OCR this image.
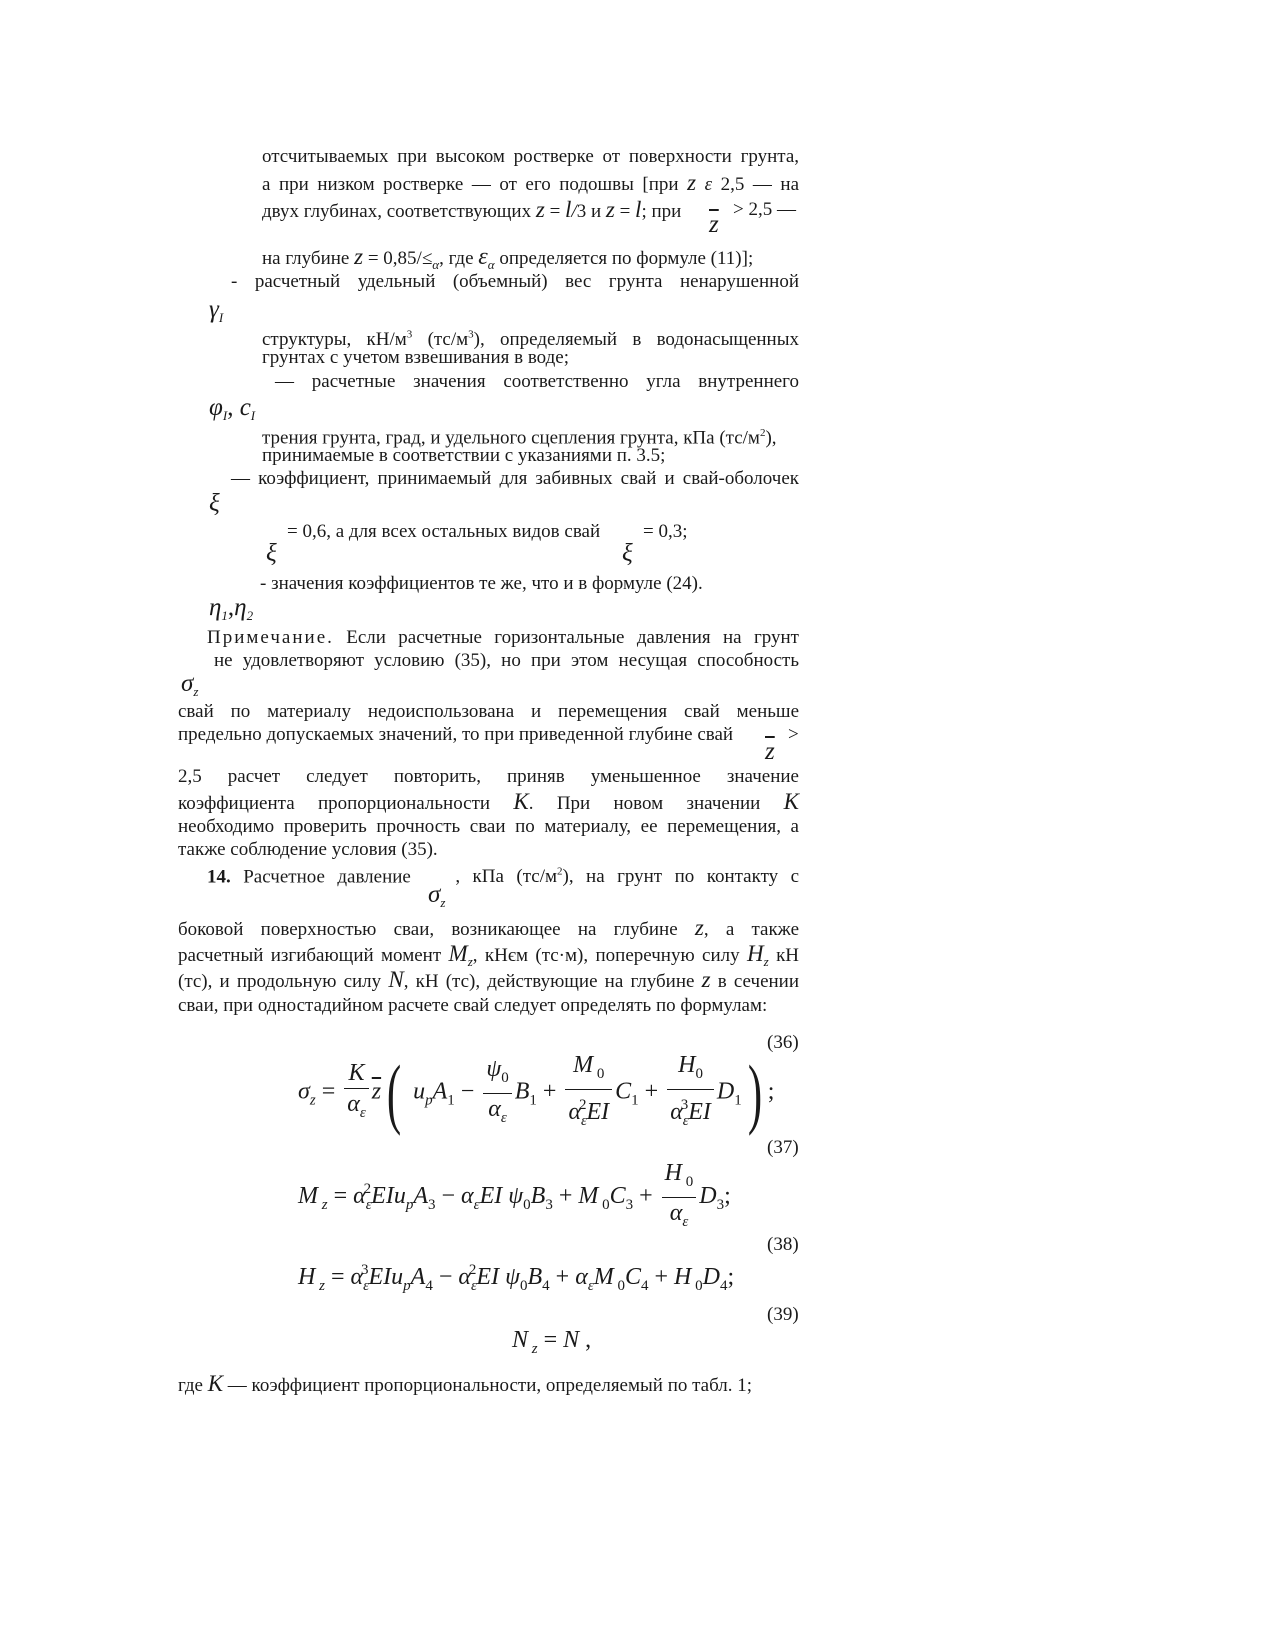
отсчитываемых при высоком ростверке от поверхности грунта,
а при низком ростверке — от его подошвы [при z ε 2,5 — на
двух глубинах, соответствующих z = l/3 и z = l; при	> 2,5 —
$\overline{z}$
на глубине $z = 0,85/\le_\alpha$, где $\varepsilon_\alpha$ определяется по формуле (11)];
- расчетный удельный (объемный) вес грунта ненарушенной
$\gamma_I$
структуры, $кН/м^3$ $(тс/м^3)$, определяемый в водонасыщенных
грунтах с учетом взвешивания в воде;
— расчетные значения соответственно угла внутреннего
$\varphi_I$, $c_I$
трения грунта, град, и удельного сцепления грунта, кПа $(тс/м^2)$,
принимаемые в соответствии с указаниями п. 3.5;
— коэффициент, принимаемый для забивных свай и свай-оболочек
ξ
= 0,6, а для всех остальных видов свай = 0,3;
ξ	ξ
- значения коэффициентов те же, что и в формуле (24).
$\eta_1,\eta_2$
Примечание. Если расчетные горизонтальные давления на грунт
не удовлетворяют условию (35), но при этом несущая способность
$\sigma_z$
свай по материалу недоиспользована и перемещения свай меньше
предельно допускаемых значений, то при приведенной глубине свай	>
$\overline{z}$
2,5 расчет следует повторить, приняв уменьшенное значение
коэффициента пропорциональности K. При новом значении K
необходимо проверить прочность сваи по материалу, ее перемещения, а
также соблюдение условия (35).
14. Расчетное давление , кПа $(тс/м^2)$, на грунт по контакту с
$\sigma_z$
боковой поверхностью сваи, возникающее на глубине z, а также
расчетный изгибающий момент $M_z$, кНєм (тс·м), поперечную силу $H_z$ кН
(тс), и продольную силу N, кН (тс), действующие на глубине z в сечении
сваи, при одностадийном расчете свай следует определять по формулам:
(36)
(37)
(38)
(39)
$\sigma_z = \frac{K}{\alpha_\varepsilon} \overline{z}$( $u_pA_1 - \frac{\psi_0}{\alpha_\varepsilon} B_1 + \frac{M _0}{\alpha_\varepsilon^2EI} C_1 + \frac{H_0}{\alpha_\varepsilon^3EI} D_1$) ;
M $_z = \alpha_\varepsilon^2EIu_pA_3 - \alpha_\varepsilon EI$ $\psi_0B_3 + M$ $_0C_3 + \frac{H _0}{\alpha_\varepsilon} D_3$;
H $_z = \alpha_\varepsilon^3EIu_pA_4 - \alpha_\varepsilon^2EI$ $\psi_0B_4 + \alpha_\varepsilon M$ $_0C_4 + H$ $_0D_4$;
N $_z$ = N ,
где K — коэффициент пропорциональности, определяемый по табл. 1;
